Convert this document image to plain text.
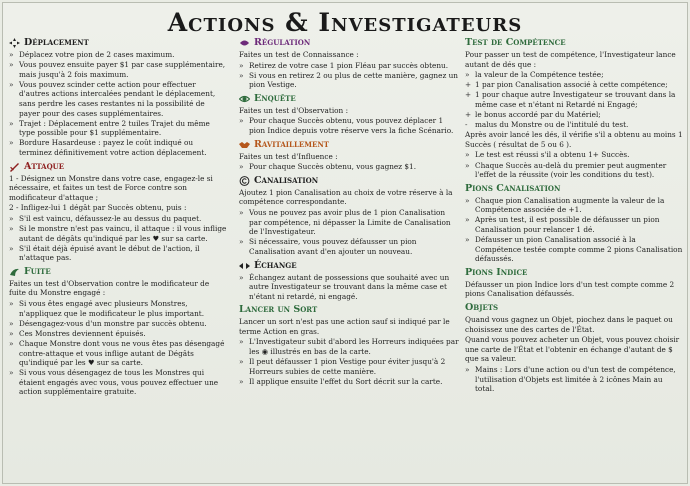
Actions & Investigateurs
Déplacement
» Déplacez votre pion de 2 cases maximum.
» Vous pouvez ensuite payer $1 par case supplémentaire, mais jusqu'à 2 fois maximum.
» Vous pouvez scinder cette action pour effectuer d'autres actions intercalées pendant le déplacement, sans perdre les cases restantes ni la possibilité de payer pour des cases supplémentaires.
» Trajet : Déplacement entre 2 tuiles Trajet du même type possible pour $1 supplémentaire.
» Bordure Hasardeuse : payez le coût indiqué ou terminez définitivement votre action déplacement.
Attaque

1 - Désignez un Monstre dans votre case, engagez-le si nécessaire, et faites un test de Force contre son modificateur d'attaque ;

2 - Infligez-lui 1 dégât par Succès obtenu, puis :

» S'il est vaincu, défaussez-le au dessus du paquet.
» Si le monstre n'est pas vaincu, il attaque : il vous inflige autant de dégâts qu'indiqué par les ♥ sur sa carte.
» S'il était déjà épuisé avant le début de l'action, il n'attaque pas.
Fuite

Faites un test d'Observation contre le modificateur de fuite du Monstre engagé :

» Si vous êtes engagé avec plusieurs Monstres, n'appliquez que le modificateur le plus important.
» Désengagez-vous d'un monstre par succès obtenu.
» Ces Monstres deviennent épuisés.
» Chaque Monstre dont vous ne vous êtes pas désengagé contre-attaque et vous inflige autant de Dégâts qu'indiqué par les ♥ sur sa carte.
» Si vous vous désengagez de tous les Monstres qui étaient engagés avec vous, vous pouvez effectuer une action supplémentaire gratuite.
Régulation

Faites un test de Connaissance :

» Retirez de votre case 1 pion Fléau par succès obtenu.
» Si vous en retirez 2 ou plus de cette manière, gagnez un pion Vestige.
Enquête

Faites un test d'Observation :

» Pour chaque Succès obtenu, vous pouvez déplacer 1 pion Indice depuis votre réserve vers la fiche Scénario.
Ravitaillement

Faites un test d'Influence :

» Pour chaque Succès obtenu, vous gagnez $1.
Canalisation

Ajoutez 1 pion Canalisation au choix de votre réserve à la compétence correspondante.

» Vous ne pouvez pas avoir plus de 1 pion Canalisation par compétence, ni dépasser la Limite de Canalisation de l'Investigateur.
» Si nécessaire, vous pouvez défausser un pion Canalisation avant d'en ajouter un nouveau.
Échange
» Échangez autant de possessions que souhaité avec un autre Investigateur se trouvant dans la même case et n'étant ni retardé, ni engagé.
Lancer un Sort

Lancer un sort n'est pas une action sauf si indiqué par le terme Action en gras.

» L'Investigateur subit d'abord les Horreurs indiquées par les ◉ illustrés en bas de la carte.
» Il peut défausser 1 pion Vestige pour éviter jusqu'à 2 Horreurs subies de cette manière.
» Il applique ensuite l'effet du Sort décrit sur la carte.
Test de Compétence

Pour passer un test de compétence, l'Investigateur lance autant de dés que :

» la valeur de la Compétence testée;
+ 1 par pion Canalisation associé à cette compétence;
+ 1 pour chaque autre Investigateur se trouvant dans la même case et n'étant ni Retardé ni Engagé;
+ le bonus accordé par du Matériel;
- malus du Monstre ou de l'intitulé du test.

Après avoir lancé les dés, il vérifie s'il a obtenu au moins 1 Succès ( résultat de 5 ou 6 ).

» Le test est réussi s'il a obtenu 1+ Succès.
» Chaque Succès au-delà du premier peut augmenter l'effet de la réussite (voir les conditions du test).
Pions Canalisation
» Chaque pion Canalisation augmente la valeur de la Compétence associée de +1.
» Après un test, il est possible de défausser un pion Canalisation pour relancer 1 dé.
» Défausser un pion Canalisation associé à la Compétence testée compte comme 2 pions Canalisation défaussés.
Pions Indice

Défausser un pion Indice lors d'un test compte comme 2 pions Canalisation défaussés.

Objets

Quand vous gagnez un Objet, piochez dans le paquet ou choisissez une des cartes de l'État.

Quand vous pouvez acheter un Objet, vous pouvez choisir une carte de l'État et l'obtenir en échange d'autant de $ que sa valeur.

» Mains : Lors d'une action ou d'un test de compétence, l'utilisation d'Objets est limitée à 2 icônes Main au total.
